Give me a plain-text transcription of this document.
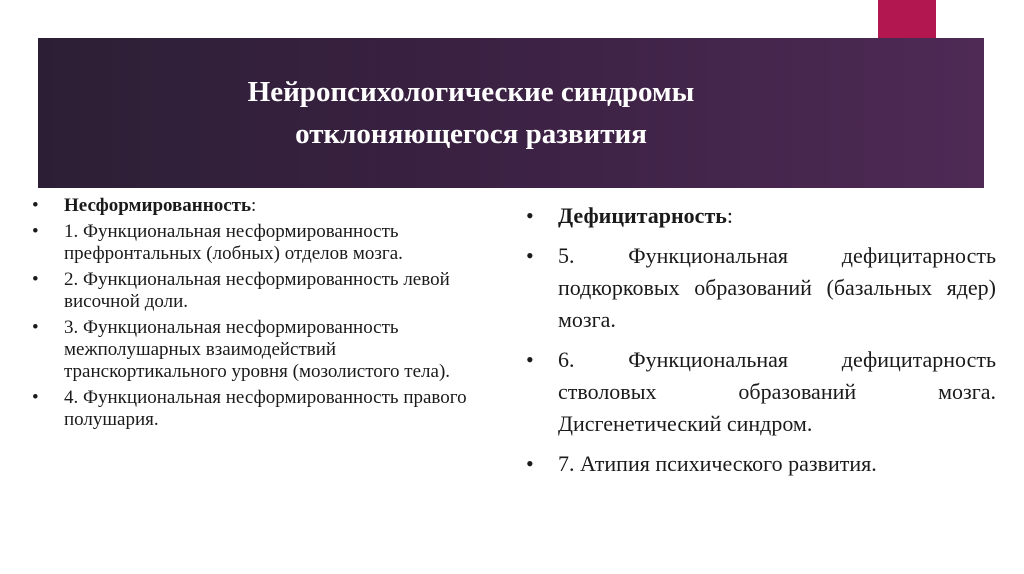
Нейропсихологические синдромы
отклоняющегося развития
• Несформированность:
• 1. Функциональная несформированность префронтальных (лобных) отделов мозга.
• 2. Функциональная несформированность левой височной доли.
• 3. Функциональная несформированность межполушарных взаимодействий транскортикального уровня (мозолистого тела).
• 4. Функциональная несформированность правого полушария.
• Дефицитарность:
• 5. Функциональная дефицитарность подкорковых образований (базальных ядер) мозга.
• 6. Функциональная дефицитарность стволовых образований мозга. Дисгенетический синдром.
• 7. Атипия психического развития.
